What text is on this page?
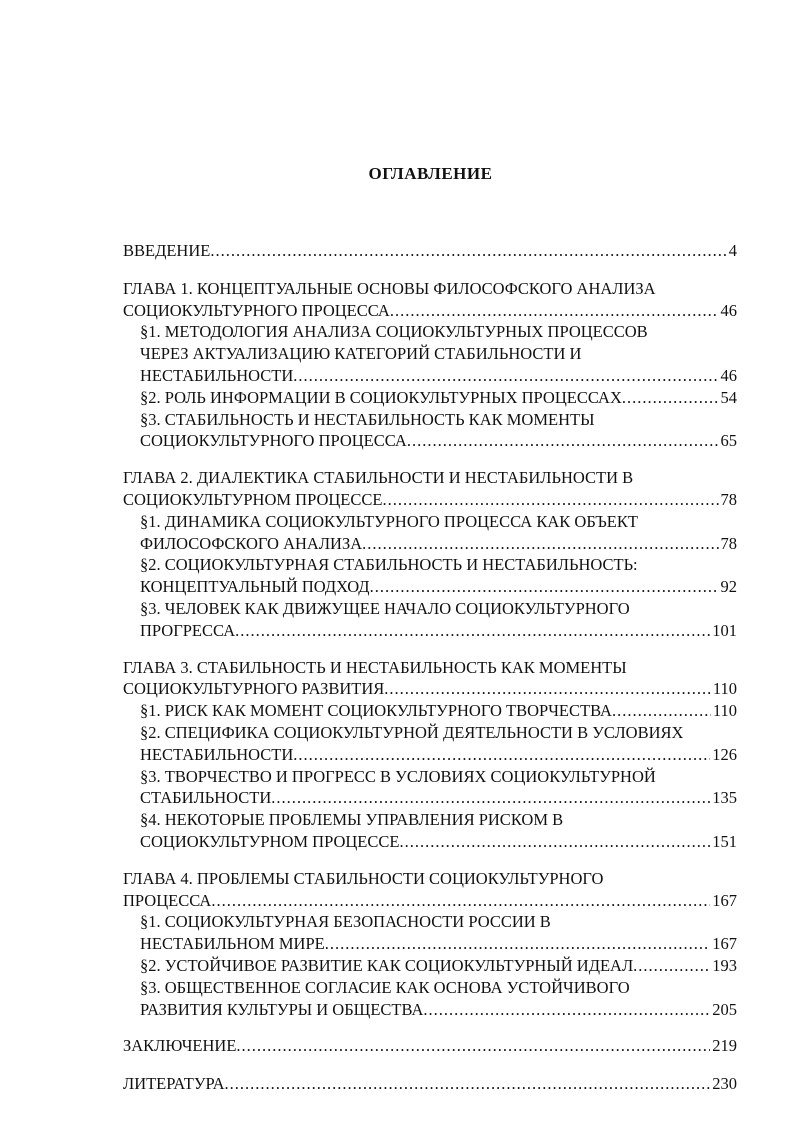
ОГЛАВЛЕНИЕ
ВВЕДЕНИЕ .....	4
ГЛАВА 1. КОНЦЕПТУАЛЬНЫЕ ОСНОВЫ ФИЛОСОФСКОГО АНАЛИЗА
СОЦИОКУЛЬТУРНОГО ПРОЦЕССА .....	46
§1. МЕТОДОЛОГИЯ АНАЛИЗА СОЦИОКУЛЬТУРНЫХ ПРОЦЕССОВ
ЧЕРЕЗ АКТУАЛИЗАЦИЮ КАТЕГОРИЙ СТАБИЛЬНОСТИ И
НЕСТАБИЛЬНОСТИ .....	46
§2. РОЛЬ ИНФОРМАЦИИ В СОЦИОКУЛЬТУРНЫХ ПРОЦЕССАХ .....	54
§3. СТАБИЛЬНОСТЬ И НЕСТАБИЛЬНОСТЬ КАК МОМЕНТЫ
СОЦИОКУЛЬТУРНОГО ПРОЦЕССА .....	65
ГЛАВА 2. ДИАЛЕКТИКА СТАБИЛЬНОСТИ И НЕСТАБИЛЬНОСТИ В
СОЦИОКУЛЬТУРНОМ ПРОЦЕССЕ .....	78
§1. ДИНАМИКА СОЦИОКУЛЬТУРНОГО ПРОЦЕССА КАК ОБЪЕКТ
ФИЛОСОФСКОГО АНАЛИЗА .....	78
§2. СОЦИОКУЛЬТУРНАЯ СТАБИЛЬНОСТЬ И НЕСТАБИЛЬНОСТЬ:
КОНЦЕПТУАЛЬНЫЙ ПОДХОД .....	92
§3. ЧЕЛОВЕК КАК ДВИЖУЩЕЕ НАЧАЛО СОЦИОКУЛЬТУРНОГО
ПРОГРЕССА .....	101
ГЛАВА 3. СТАБИЛЬНОСТЬ И НЕСТАБИЛЬНОСТЬ КАК МОМЕНТЫ
СОЦИОКУЛЬТУРНОГО РАЗВИТИЯ .....	110
§1. РИСК КАК МОМЕНТ СОЦИОКУЛЬТУРНОГО ТВОРЧЕСТВА .....	110
§2. СПЕЦИФИКА СОЦИОКУЛЬТУРНОЙ ДЕЯТЕЛЬНОСТИ В УСЛОВИЯХ
НЕСТАБИЛЬНОСТИ .....	126
§3. ТВОРЧЕСТВО И ПРОГРЕСС В УСЛОВИЯХ СОЦИОКУЛЬТУРНОЙ
СТАБИЛЬНОСТИ .....	135
§4. НЕКОТОРЫЕ ПРОБЛЕМЫ УПРАВЛЕНИЯ РИСКОМ В
СОЦИОКУЛЬТУРНОМ ПРОЦЕССЕ .....	151
ГЛАВА 4. ПРОБЛЕМЫ СТАБИЛЬНОСТИ СОЦИОКУЛЬТУРНОГО
ПРОЦЕССА .....	167
§1. СОЦИОКУЛЬТУРНАЯ БЕЗОПАСНОСТИ РОССИИ В
НЕСТАБИЛЬНОМ МИРЕ .....	167
§2. УСТОЙЧИВОЕ РАЗВИТИЕ КАК СОЦИОКУЛЬТУРНЫЙ ИДЕАЛ .....	193
§3. ОБЩЕСТВЕННОЕ СОГЛАСИЕ КАК ОСНОВА УСТОЙЧИВОГО
РАЗВИТИЯ КУЛЬТУРЫ И ОБЩЕСТВА .....	205
ЗАКЛЮЧЕНИЕ .....	219
ЛИТЕРАТУРА .....	230
